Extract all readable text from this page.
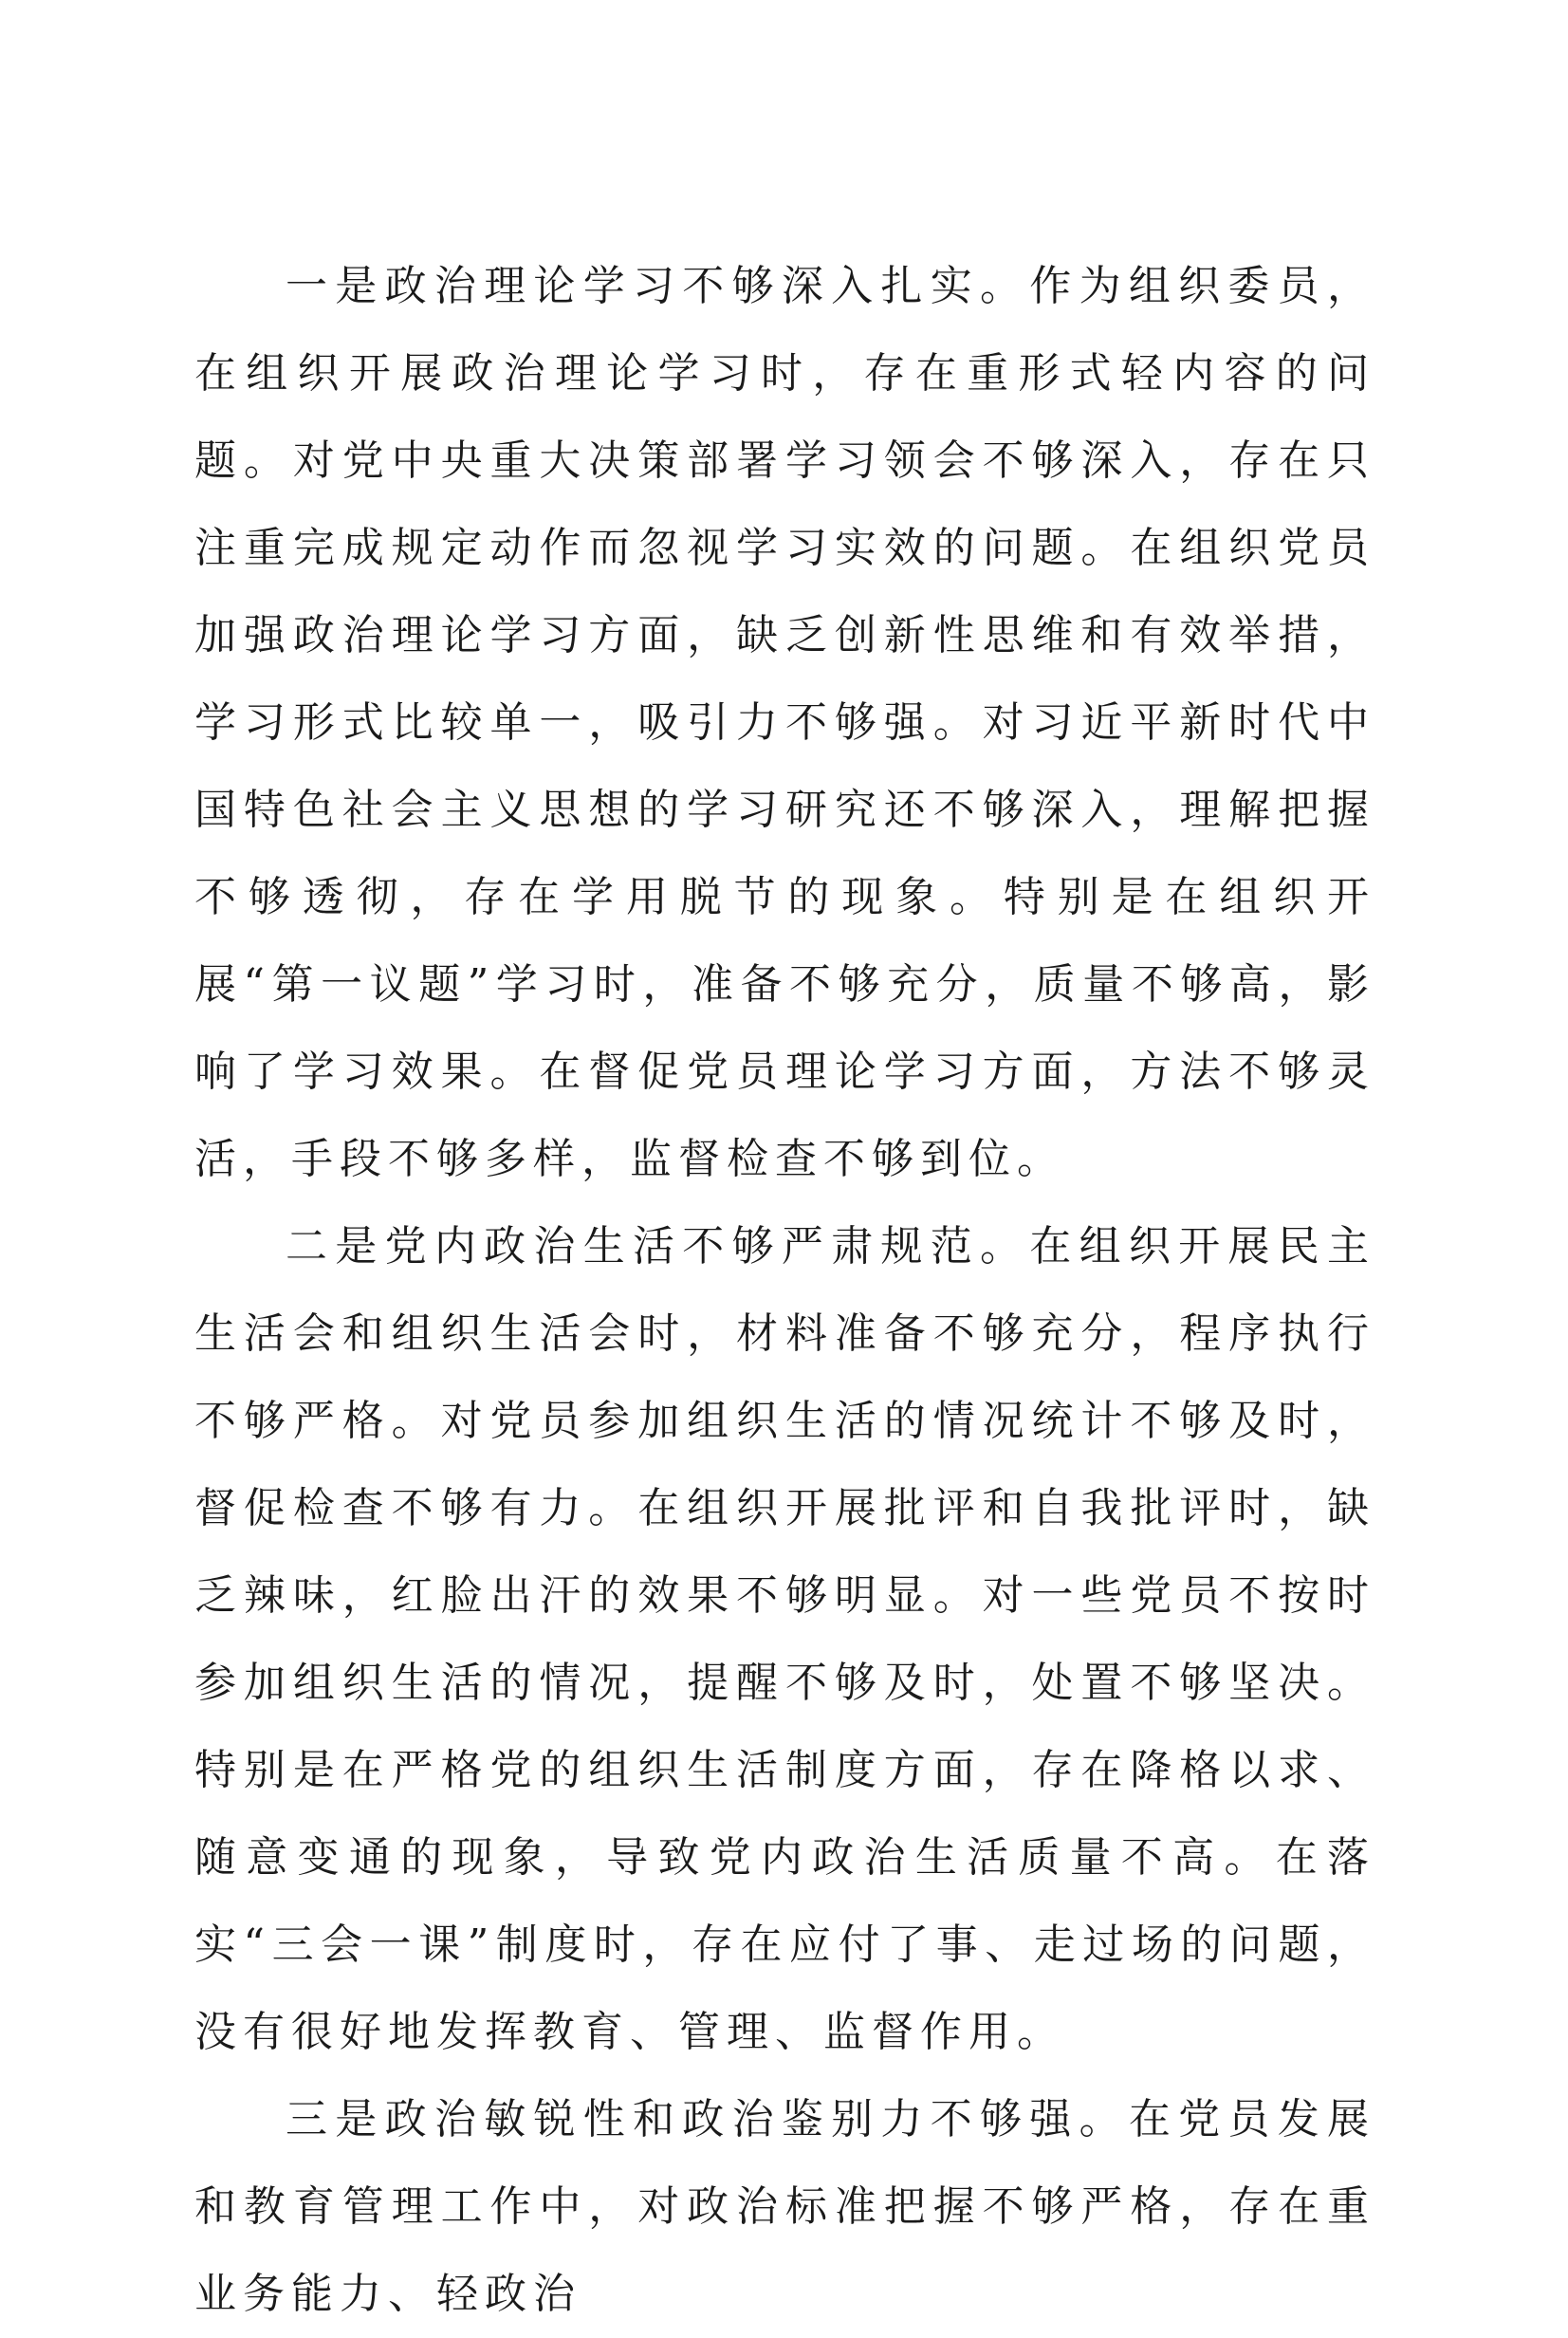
一是政治理论学习不够深入扎实。作为组织委员，在组织开展政治理论学习时，存在重形式轻内容的问题。对党中央重大决策部署学习领会不够深入，存在只注重完成规定动作而忽视学习实效的问题。在组织党员加强政治理论学习方面，缺乏创新性思维和有效举措，学习形式比较单一，吸引力不够强。对习近平新时代中国特色社会主义思想的学习研究还不够深入，理解把握不够透彻，存在学用脱节的现象。特别是在组织开展“第一议题”学习时，准备不够充分，质量不够高，影响了学习效果。在督促党员理论学习方面，方法不够灵活，手段不够多样，监督检查不够到位。

二是党内政治生活不够严肃规范。在组织开展民主生活会和组织生活会时，材料准备不够充分，程序执行不够严格。对党员参加组织生活的情况统计不够及时，督促检查不够有力。在组织开展批评和自我批评时，缺乏辣味，红脸出汗的效果不够明显。对一些党员不按时参加组织生活的情况，提醒不够及时，处置不够坚决。特别是在严格党的组织生活制度方面，存在降格以求、随意变通的现象，导致党内政治生活质量不高。在落实“三会一课”制度时，存在应付了事、走过场的问题，没有很好地发挥教育、管理、监督作用。

三是政治敏锐性和政治鉴别力不够强。在党员发展和教育管理工作中，对政治标准把握不够严格，存在重业务能力、轻政治
